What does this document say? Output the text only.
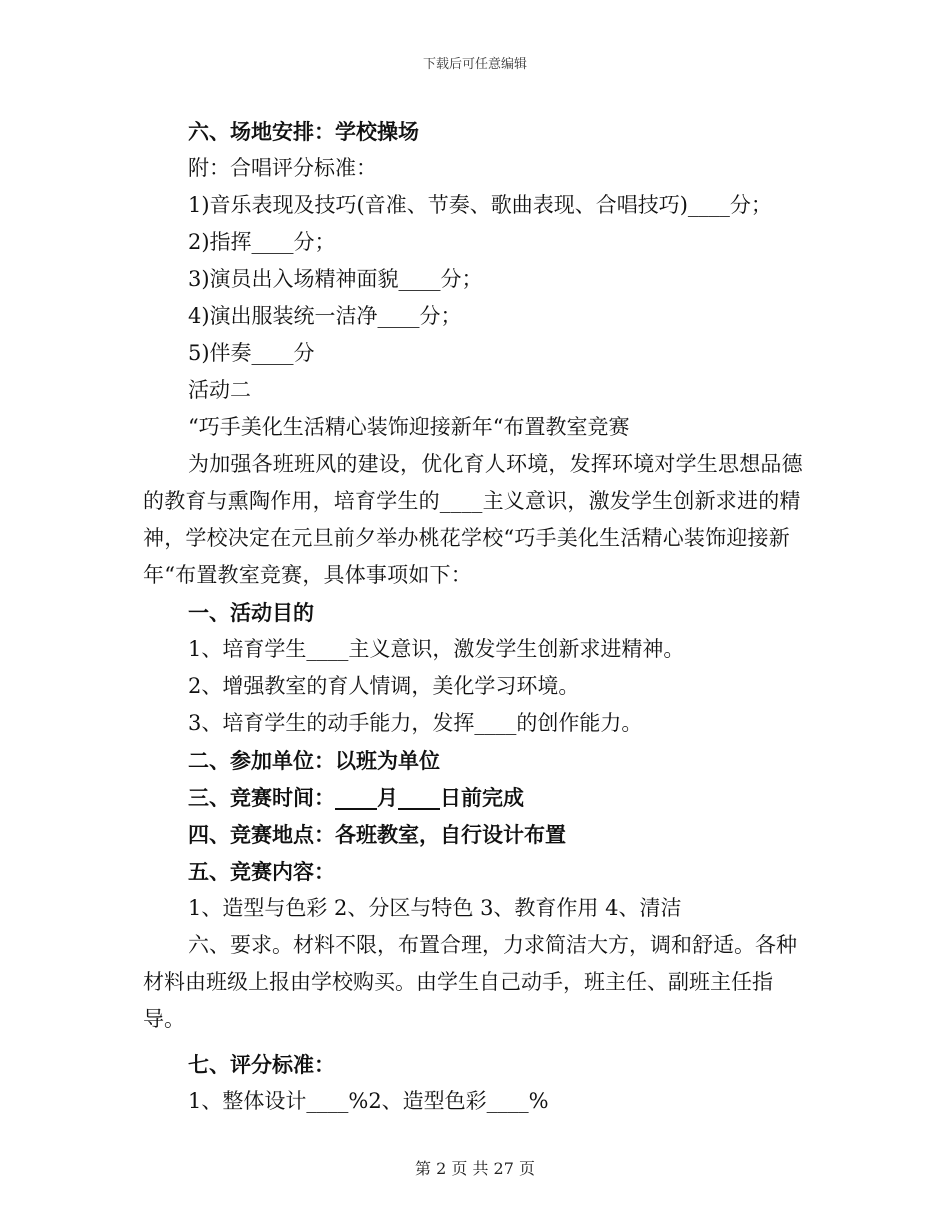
下载后可任意编辑
六、场地安排：学校操场
附：合唱评分标准：
1)音乐表现及技巧(音准、节奏、歌曲表现、合唱技巧)____分；
2)指挥____分；
3)演员出入场精神面貌____分；
4)演出服装统一洁净____分；
5)伴奏____分
活动二
“巧手美化生活精心装饰迎接新年“布置教室竞赛
为加强各班班风的建设，优化育人环境，发挥环境对学生思想品德的教育与熏陶作用，培育学生的____主义意识，激发学生创新求进的精神，学校决定在元旦前夕举办桃花学校“巧手美化生活精心装饰迎接新年“布置教室竞赛，具体事项如下：
一、活动目的
1、培育学生____主义意识，激发学生创新求进精神。
2、增强教室的育人情调，美化学习环境。
3、培育学生的动手能力，发挥____的创作能力。
二、参加单位：以班为单位
三、竞赛时间：____月____日前完成
四、竞赛地点：各班教室，自行设计布置
五、竞赛内容：
1、造型与色彩 2、分区与特色 3、教育作用 4、清洁
六、要求。材料不限，布置合理，力求简洁大方，调和舒适。各种材料由班级上报由学校购买。由学生自己动手，班主任、副班主任指导。
七、评分标准：
1、整体设计____%2、造型色彩____%
第 2 页 共 27 页
